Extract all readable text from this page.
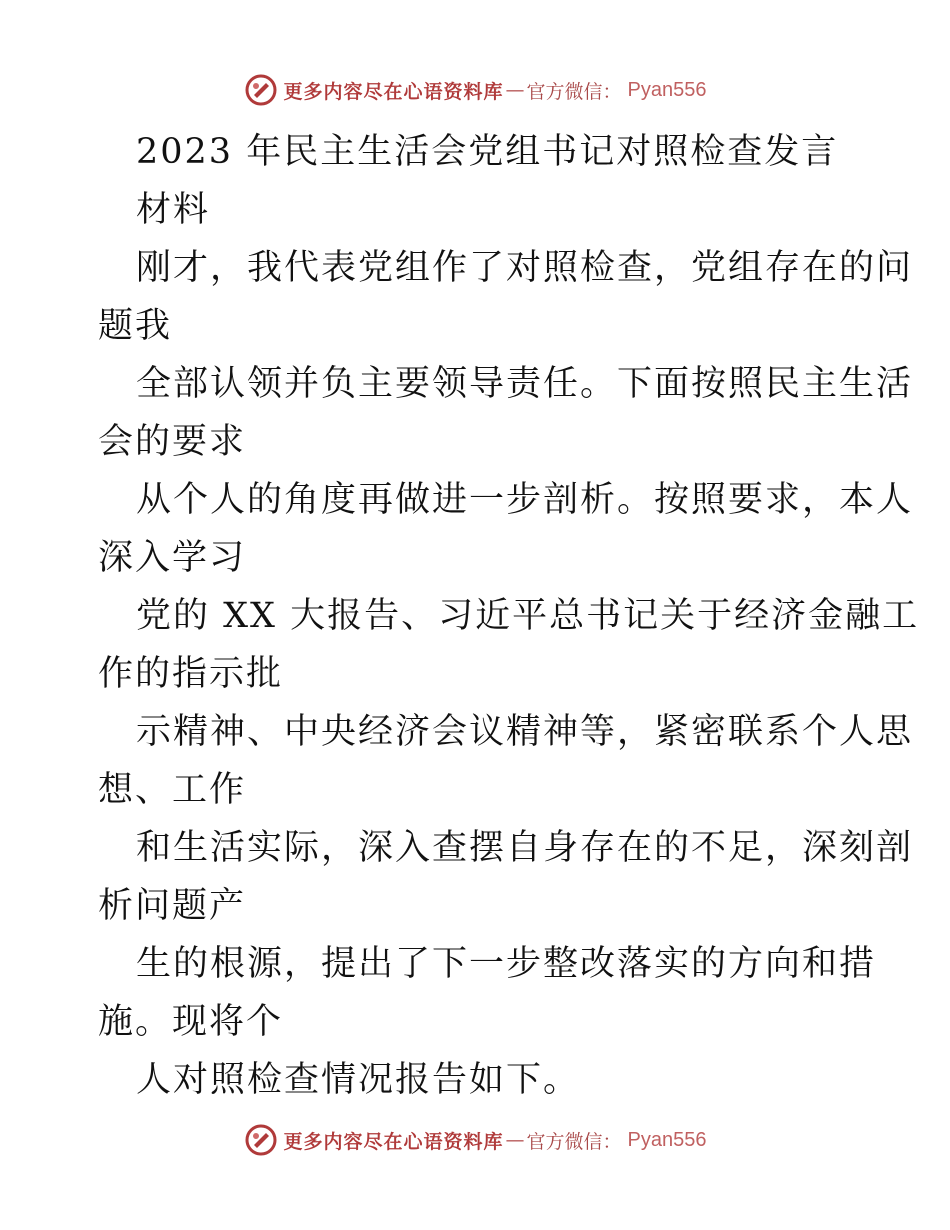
更多内容尽在心语资料库 — 官方微信： Pyan556
2023 年民主生活会党组书记对照检查发言
材料
刚才，我代表党组作了对照检查，党组存在的问
题我
全部认领并负主要领导责任。下面按照民主生活
会的要求
从个人的角度再做进一步剖析。按照要求，本人
深入学习
党的 XX 大报告、习近平总书记关于经济金融工
作的指示批
示精神、中央经济会议精神等，紧密联系个人思
想、工作
和生活实际，深入查摆自身存在的不足，深刻剖
析问题产
生的根源，提出了下一步整改落实的方向和措
施。现将个
人对照检查情况报告如下。
更多内容尽在心语资料库 — 官方微信： Pyan556
